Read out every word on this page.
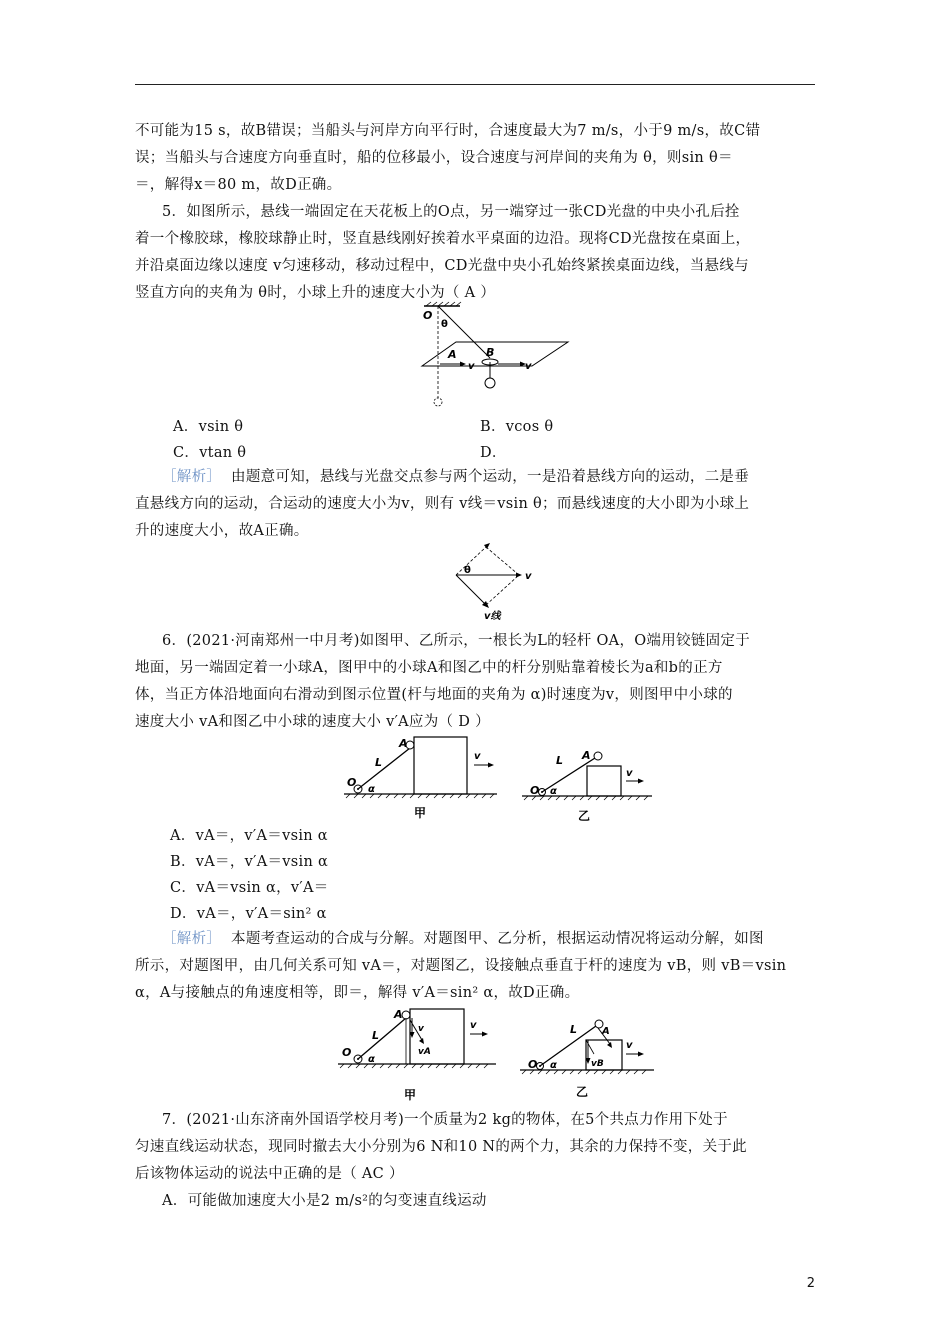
不可能为15 s，故B错误；当船头与河岸方向平行时，合速度最大为7 m/s，小于9 m/s，故C错
误；当船头与合速度方向垂直时，船的位移最小，设合速度与河岸间的夹角为 θ，则sin θ＝
＝，解得x＝80 m，故D正确。
5．如图所示，悬线一端固定在天花板上的O点，另一端穿过一张CD光盘的中央小孔后拴
着一个橡胶球，橡胶球静止时，竖直悬线刚好挨着水平桌面的边沿。现将CD光盘按在桌面上，
并沿桌面边缘以速度 v匀速移动，移动过程中，CD光盘中央小孔始终紧挨桌面边线，当悬线与
竖直方向的夹角为 θ时，小球上升的速度大小为（ A ）
O
θ
A	B
v	v
A．vsin θ	B．vcos θ
C．vtan θ	D．
［解析］ 由题意可知，悬线与光盘交点参与两个运动，一是沿着悬线方向的运动，二是垂
直悬线方向的运动，合运动的速度大小为v，则有 v线＝vsin θ；而悬线速度的大小即为小球上
升的速度大小，故A正确。
θ
v
v线
6．(2021·河南郑州一中月考)如图甲、乙所示，一根长为L的轻杆 OA，O端用铰链固定于
地面，另一端固定着一小球A，图甲中的小球A和图乙中的杆分别贴靠着棱长为a和b的正方
体，当正方体沿地面向右滑动到图示位置(杆与地面的夹角为 α)时速度为v，则图甲中小球的
速度大小 vA和图乙中小球的速度大小 v′A应为（ D ）
O
L
A
α
v
甲
O
L A
α
v
乙
A．vA＝，v′A＝vsin α
B．vA＝，v′A＝vsin α
C．vA＝vsin α，v′A＝
D．vA＝，v′A＝sin² α
［解析］ 本题考查运动的合成与分解。对题图甲、乙分析，根据运动情况将运动分解，如图
所示，对题图甲，由几何关系可知 vA＝，对题图乙，设接触点垂直于杆的速度为 vB，则 vB＝vsin
α，A与接触点的角速度相等，即＝，解得 v′A＝sin² α，故D正确。
O
L
A
α
v
vA
v
甲
O
L A
α	vB
v
乙
7．(2021·山东济南外国语学校月考)一个质量为2 kg的物体，在5个共点力作用下处于
匀速直线运动状态，现同时撤去大小分别为6 N和10 N的两个力，其余的力保持不变，关于此
后该物体运动的说法中正确的是（ AC ）
A．可能做加速度大小是2 m/s²的匀变速直线运动
2
